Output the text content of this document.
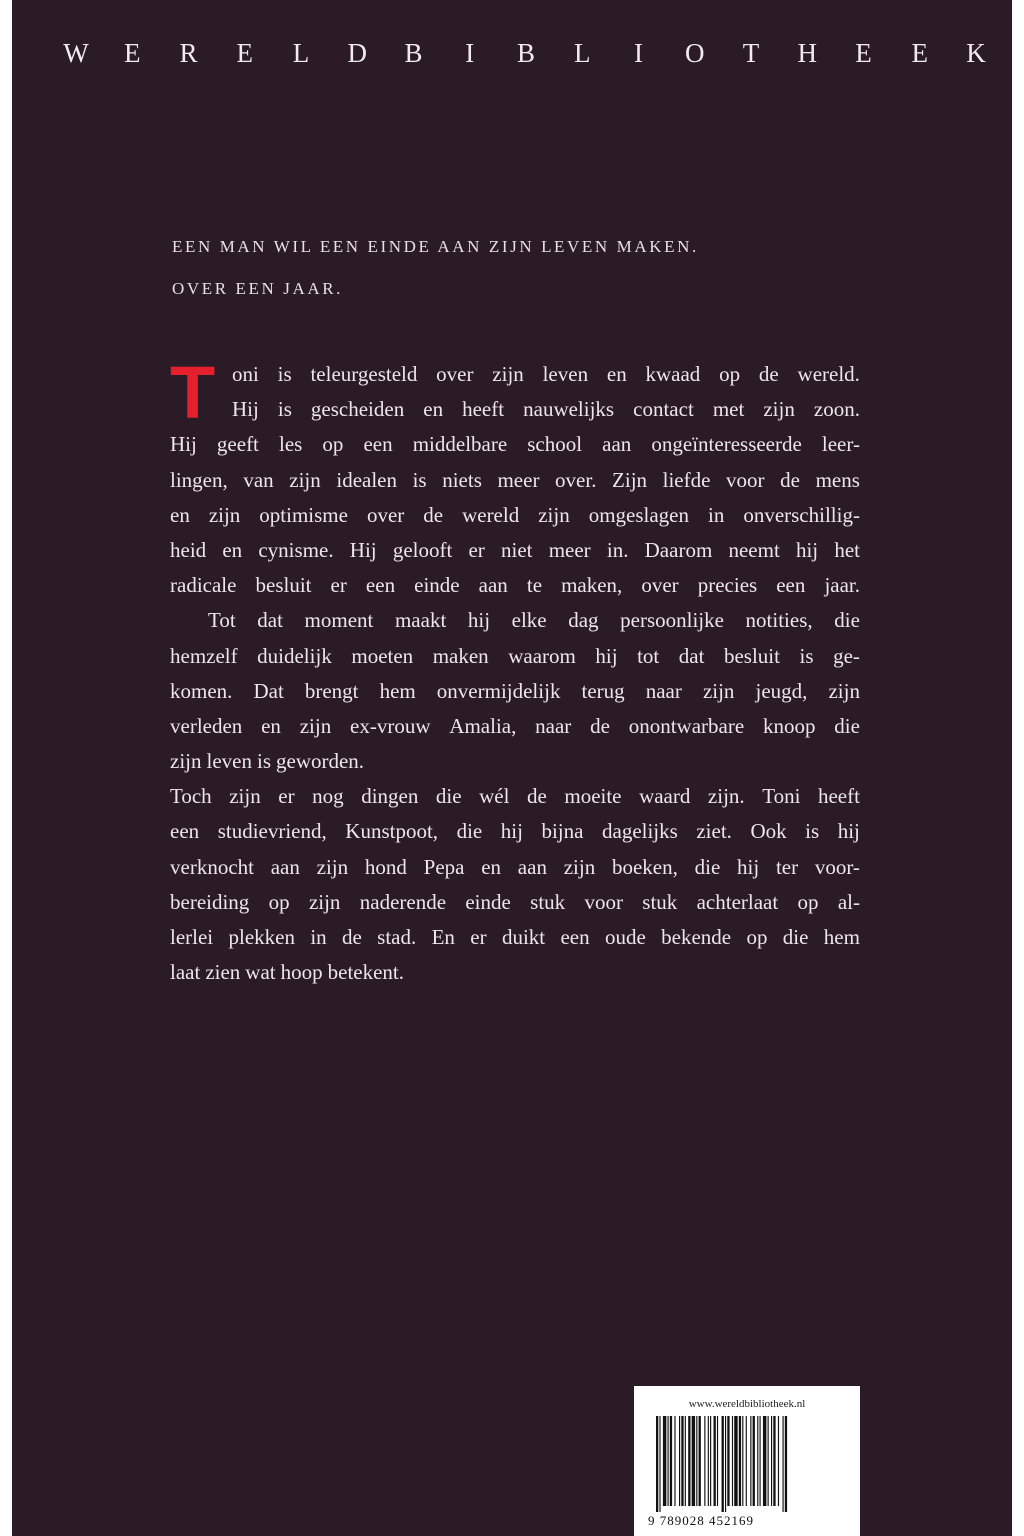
W E R E L D B	I	B L	I	O T H E E K
EEN MAN WIL EEN EINDE AAN ZIJN LEVEN MAKEN.
OVER EEN JAAR.
T oni is teleurgesteld over zijn leven en kwaad op de wereld.
Hij is gescheiden en heeft nauwelijks contact met zijn zoon.
Hij geeft les op een middelbare school aan ongeïnteresseerde leer-
lingen, van zijn idealen is niets meer over. Zijn liefde voor de mens
en zijn optimisme over de wereld zijn omgeslagen in onverschillig-
heid en cynisme. Hij gelooft er niet meer in. Daarom neemt hij het
radicale besluit er een einde aan te maken, over precies een jaar.
Tot dat moment maakt hij elke dag persoonlijke notities, die
hemzelf duidelijk moeten maken waarom hij tot dat besluit is ge-
komen. Dat brengt hem onvermijdelijk terug naar zijn jeugd, zijn
verleden en zijn ex-vrouw Amalia, naar de onontwarbare knoop die
zijn leven is geworden.
Toch zijn er nog dingen die wél de moeite waard zijn. Toni heeft
een studievriend, Kunstpoot, die hij bijna dagelijks ziet. Ook is hij
verknocht aan zijn hond Pepa en aan zijn boeken, die hij ter voor-
bereiding op zijn naderende einde stuk voor stuk achterlaat op al-
lerlei plekken in de stad. En er duikt een oude bekende op die hem
laat zien wat hoop betekent.
www.wereldbibliotheek.nl
9 789028 452169
